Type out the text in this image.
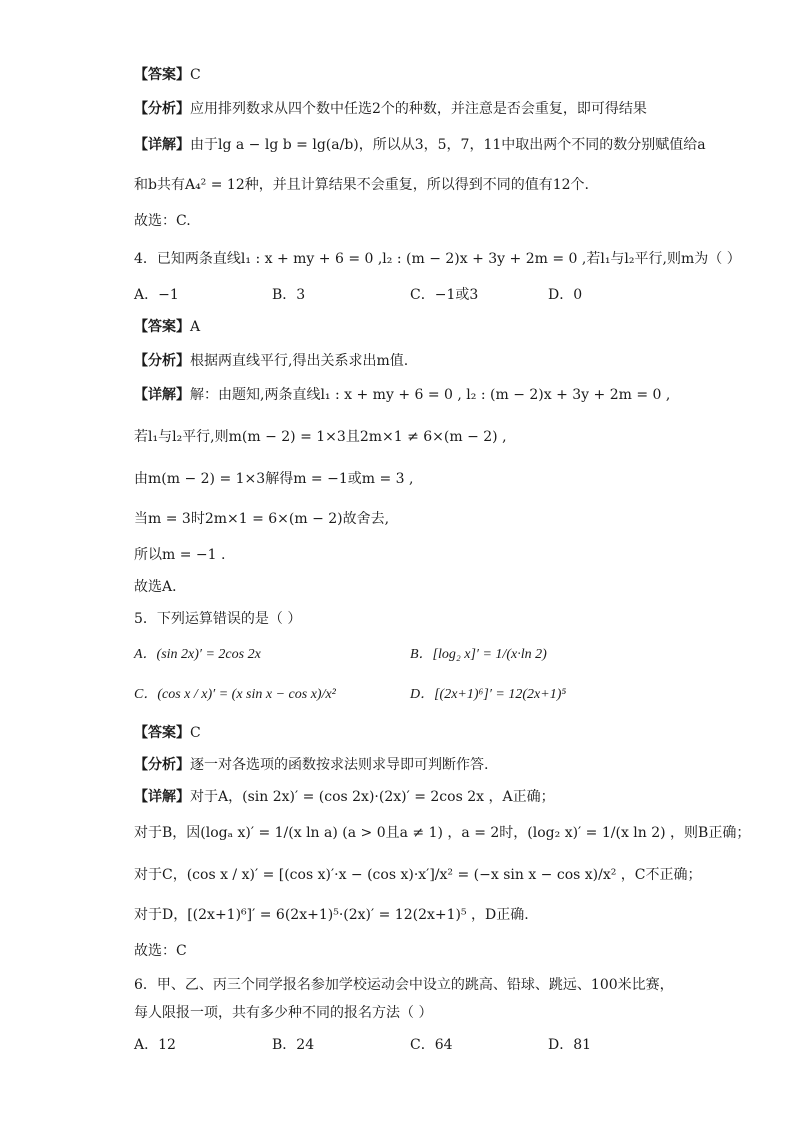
【答案】C
【分析】应用排列数求从四个数中任选2个的种数，并注意是否会重复，即可得结果
【详解】由于lg a − lg b = lg(a/b)，所以从3，5，7，11中取出两个不同的数分别赋值给a
和b共有A₄² = 12种，并且计算结果不会重复，所以得到不同的值有12个.
故选：C.
4．已知两条直线l₁ : x + my + 6 = 0 ,l₂ : (m − 2)x + 3y + 2m = 0 ,若l₁与l₂平行,则m为（ ）
A．−1	B．3	C．−1或3	D．0
【答案】A
【分析】根据两直线平行,得出关系求出m值.
【详解】解：由题知,两条直线l₁ : x + my + 6 = 0 , l₂ : (m − 2)x + 3y + 2m = 0 ,
若l₁与l₂平行,则m(m − 2) = 1×3且2m×1 ≠ 6×(m − 2) ,
由m(m − 2) = 1×3解得m = −1或m = 3 ,
当m = 3时2m×1 = 6×(m − 2)故舍去,
所以m = −1 .
故选A．
5．下列运算错误的是（ ）
A．(sin 2x)′ = 2cos 2x	B．[log₂ x]′ = 1/(x·ln 2)
C．(cos x / x)′ = (x sin x − cos x)/x²	D．[(2x+1)⁶]′ = 12(2x+1)⁵
【答案】C
【分析】逐一对各选项的函数按求法则求导即可判断作答.
【详解】对于A，(sin 2x)′ = (cos 2x)·(2x)′ = 2cos 2x ，A正确；
对于B，因(logₐ x)′ = 1/(x ln a) (a > 0且a ≠ 1) ，a = 2时，(log₂ x)′ = 1/(x ln 2) ，则B正确；
对于C，(cos x / x)′ = [(cos x)′·x − (cos x)·x′]/x² = (−x sin x − cos x)/x² ，C不正确；
对于D，[(2x+1)⁶]′ = 6(2x+1)⁵·(2x)′ = 12(2x+1)⁵ ，D正确.
故选：C
6．甲、乙、丙三个同学报名参加学校运动会中设立的跳高、铅球、跳远、100米比赛，
每人限报一项，共有多少种不同的报名方法（ ）
A．12	B．24	C．64	D．81
